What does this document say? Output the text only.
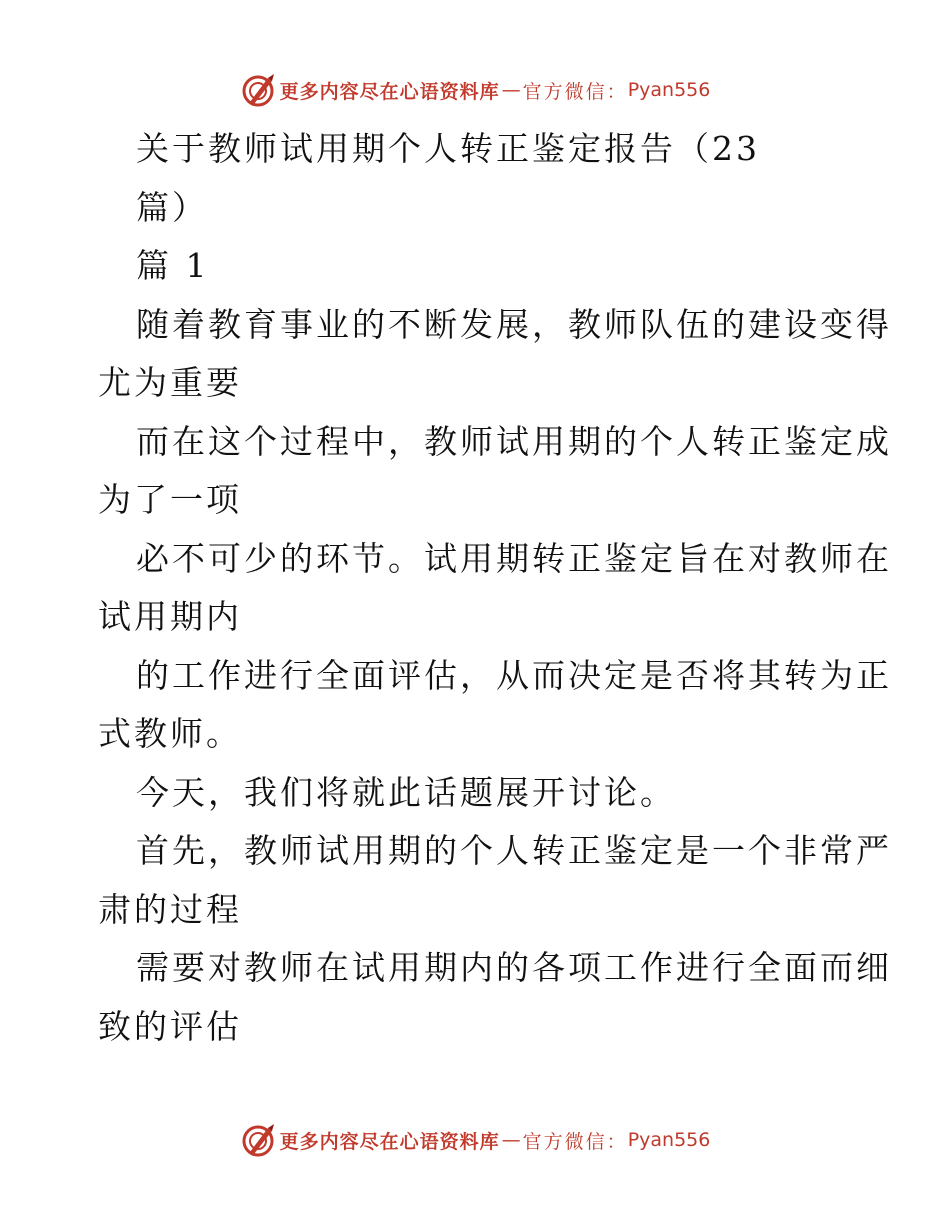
更多内容尽在心语资料库 — 官方微信： Pyan556
关于教师试用期个人转正鉴定报告（23
篇）
篇 1
随着教育事业的不断发展，教师队伍的建设变得
尤为重要
而在这个过程中，教师试用期的个人转正鉴定成
为了一项
必不可少的环节。试用期转正鉴定旨在对教师在
试用期内
的工作进行全面评估，从而决定是否将其转为正
式教师。
今天，我们将就此话题展开讨论。
首先，教师试用期的个人转正鉴定是一个非常严
肃的过程
需要对教师在试用期内的各项工作进行全面而细
致的评估
更多内容尽在心语资料库 — 官方微信： Pyan556
